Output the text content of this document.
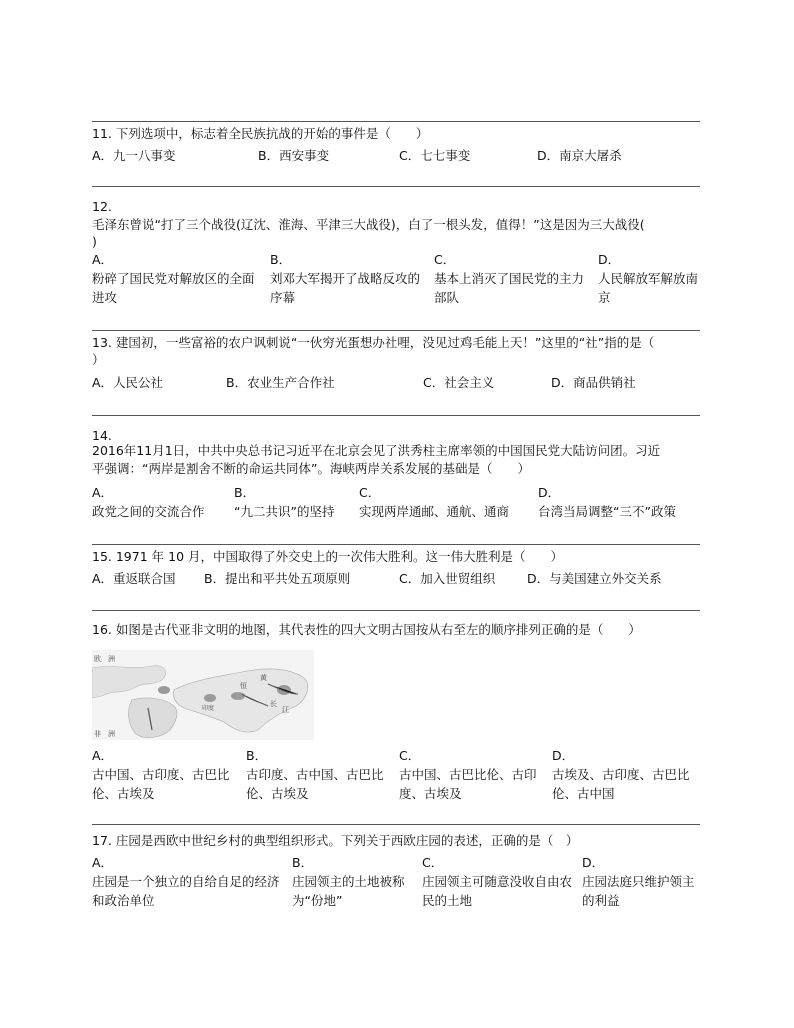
11. 下列选项中，标志着全民族抗战的开始的事件是（　　）
A．九一八事变	B．西安事变	C．七七事变	D．南京大屠杀
12.
毛泽东曾说“打了三个战役(辽沈、淮海、平津三大战役)，白了一根头发，值得！”这是因为三大战役(
)
A．
粉碎了国民党对解放区的全面进攻
B．
刘邓大军揭开了战略反攻的序幕
C．
基本上消灭了国民党的主力部队
D．
人民解放军解放南京
13. 建国初，一些富裕的农户讽刺说“一伙穷光蛋想办社哩，没见过鸡毛能上天！”这里的“社”指的是（
）
A．人民公社	B．农业生产合作社	C．社会主义	D．商品供销社
14.
2016年11月1日，中共中央总书记习近平在北京会见了洪秀柱主席率领的中国国民党大陆访问团。习近
平强调：“两岸是割舍不断的命运共同体”。海峡两岸关系发展的基础是（　　）
A．
政党之间的交流合作
B．
“九二共识”的坚持
C．
实现两岸通邮、通航、通商
D．
台湾当局调整“三不”政策
15. 1971 年 10 月，中国取得了外交史上的一次伟大胜利。这一伟大胜利是（　　）
A．重返联合国 B．提出和平共处五项原则	C．加入世贸组织	D．与美国建立外交关系
16. 如图是古代亚非文明的地图，其代表性的四大文明古国按从右至左的顺序排列正确的是（　　）
欧　洲
非　洲
黄
长
江
恒
印度
A．
古中国、古印度、古巴比伦、古埃及
B．
古印度、古中国、古巴比伦、古埃及
C．
古中国、古巴比伦、古印度、古埃及
D．
古埃及、古印度、古巴比伦、古中国
17. 庄园是西欧中世纪乡村的典型组织形式。下列关于西欧庄园的表述，正确的是（　）
A．
庄园是一个独立的自给自足的经济和政治单位
B．
庄园领主的土地被称为“份地”
C．
庄园领主可随意没收自由农民的土地
D．
庄园法庭只维护领主的利益
